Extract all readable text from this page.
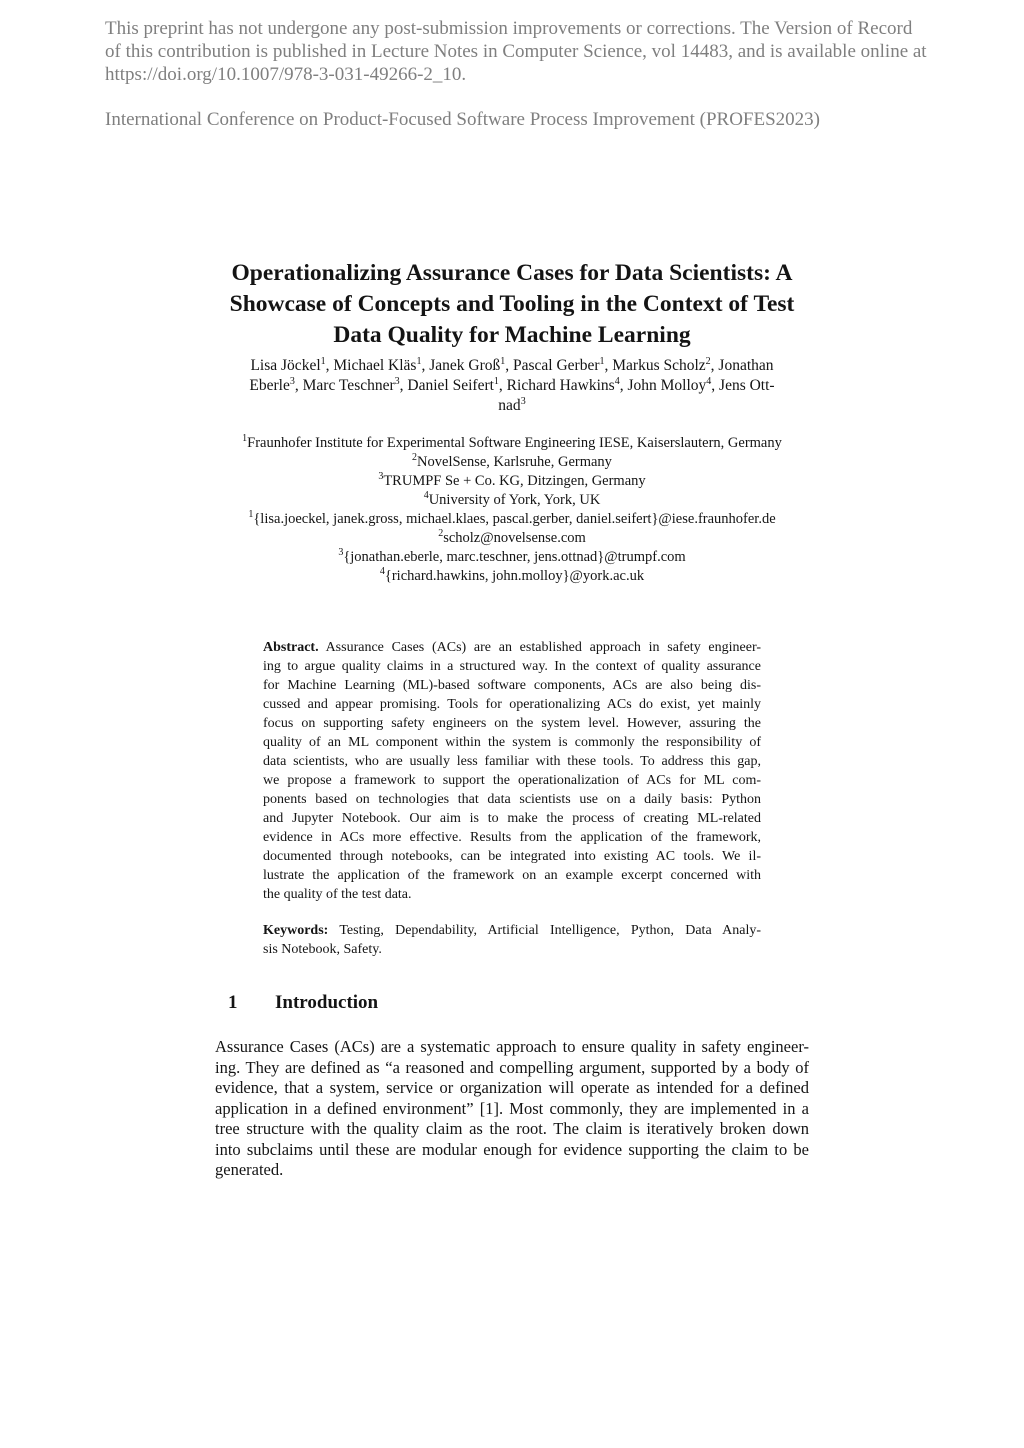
This preprint has not undergone any post-submission improvements or corrections. The Version of Record

of this contribution is published in Lecture Notes in Computer Science, vol 14483, and is available online at

https://doi.org/10.1007/978-3-031-49266-2_10.

International Conference on Product-Focused Software Process Improvement (PROFES2023)
Operationalizing Assurance Cases for Data Scientists: A
Showcase of Concepts and Tooling in the Context of Test
Data Quality for Machine Learning
Lisa Jöckel$^1$, Michael Kläs$^1$, Janek Groß$^1$, Pascal Gerber$^1$, Markus Scholz$^2$, Jonathan
Eberle$^3$, Marc Teschner$^3$, Daniel Seifert$^1$, Richard Hawkins$^4$, John Molloy$^4$, Jens Ott-
nad$^3$
$^1$Fraunhofer Institute for Experimental Software Engineering IESE, Kaiserslautern, Germany
$^2$NovelSense, Karlsruhe, Germany
$^3$TRUMPF Se + Co. KG, Ditzingen, Germany
$^4$University of York, York, UK
$^1${lisa.joeckel, janek.gross, michael.klaes, pascal.gerber, daniel.seifert}@iese.fraunhofer.de
$^2$scholz@novelsense.com
$^3${jonathan.eberle, marc.teschner, jens.ottnad}@trumpf.com
$^4${richard.hawkins, john.molloy}@york.ac.uk
Abstract. Assurance Cases (ACs) are an established approach in safety engineer-
ing to argue quality claims in a structured way. In the context of quality assurance
for Machine Learning (ML)-based software components, ACs are also being dis-
cussed and appear promising. Tools for operationalizing ACs do exist, yet mainly
focus on supporting safety engineers on the system level. However, assuring the
quality of an ML component within the system is commonly the responsibility of
data scientists, who are usually less familiar with these tools. To address this gap,
we propose a framework to support the operationalization of ACs for ML com-
ponents based on technologies that data scientists use on a daily basis: Python
and Jupyter Notebook. Our aim is to make the process of creating ML-related
evidence in ACs more effective. Results from the application of the framework,
documented through notebooks, can be integrated into existing AC tools. We il-
lustrate the application of the framework on an example excerpt concerned with
the quality of the test data.
Keywords: Testing, Dependability, Artificial Intelligence, Python, Data Analy-
sis Notebook, Safety.
1 Introduction
Assurance Cases (ACs) are a systematic approach to ensure quality in safety engineer-
ing. They are defined as “a reasoned and compelling argument, supported by a body of
evidence, that a system, service or organization will operate as intended for a defined
application in a defined environment” [1]. Most commonly, they are implemented in a
tree structure with the quality claim as the root. The claim is iteratively broken down
into subclaims until these are modular enough for evidence supporting the claim to be
generated.
